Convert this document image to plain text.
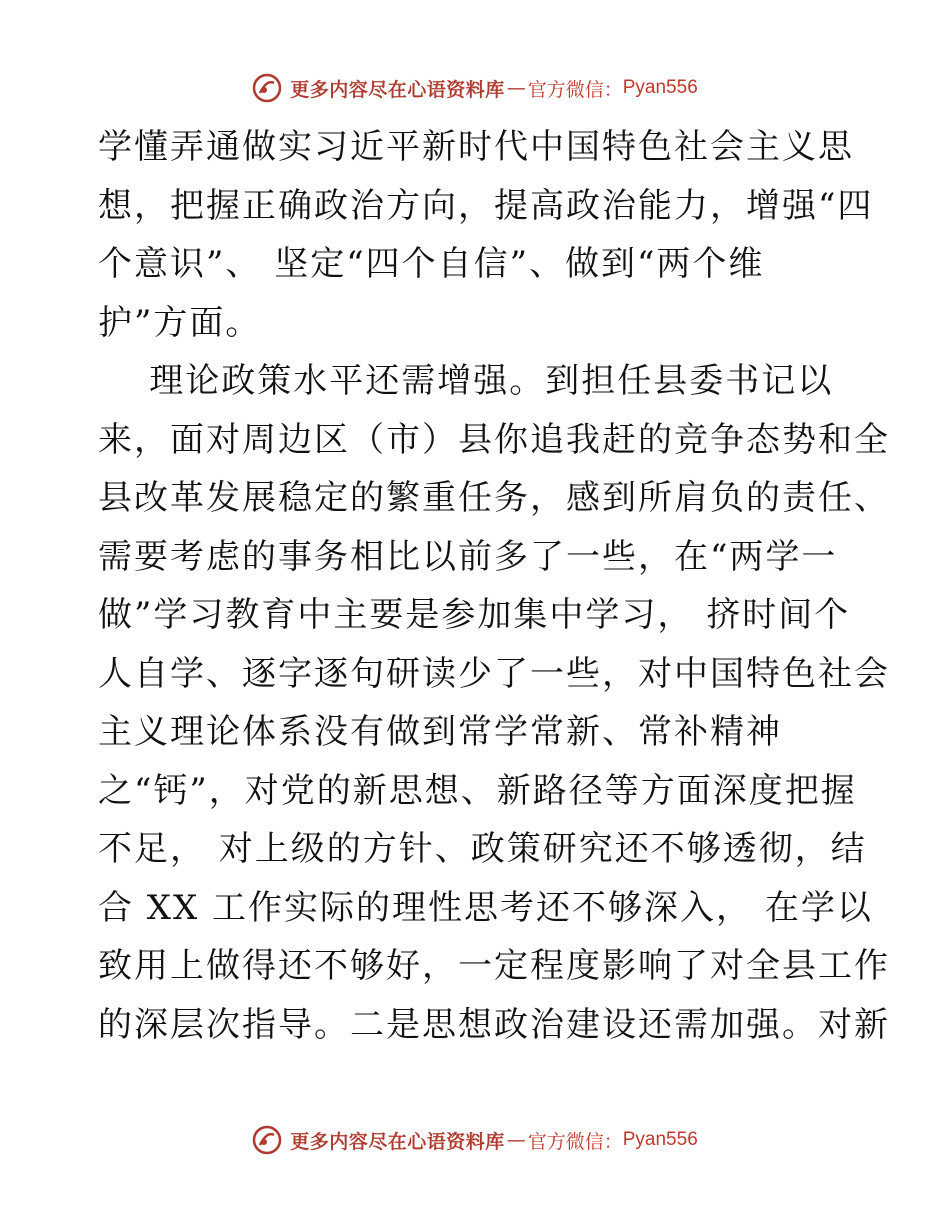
更多内容尽在心语资料库 — 官方微信： Pyan556
学懂弄通做实习近平新时代中国特色社会主义思
想，把握正确政治方向，提高政治能力，增强“四
个意识”、 坚定“四个自信”、做到“两个维
护”方面。
理论政策水平还需增强。到担任县委书记以
来，面对周边区（市）县你追我赶的竞争态势和全
县改革发展稳定的繁重任务，感到所肩负的责任、
需要考虑的事务相比以前多了一些，在“两学一
做”学习教育中主要是参加集中学习， 挤时间个
人自学、逐字逐句研读少了一些，对中国特色社会
主义理论体系没有做到常学常新、常补精神
之“钙”，对党的新思想、新路径等方面深度把握
不足， 对上级的方针、政策研究还不够透彻，结
合 XX 工作实际的理性思考还不够深入， 在学以
致用上做得还不够好，一定程度影响了对全县工作
的深层次指导。二是思想政治建设还需加强。对新
更多内容尽在心语资料库 — 官方微信： Pyan556
